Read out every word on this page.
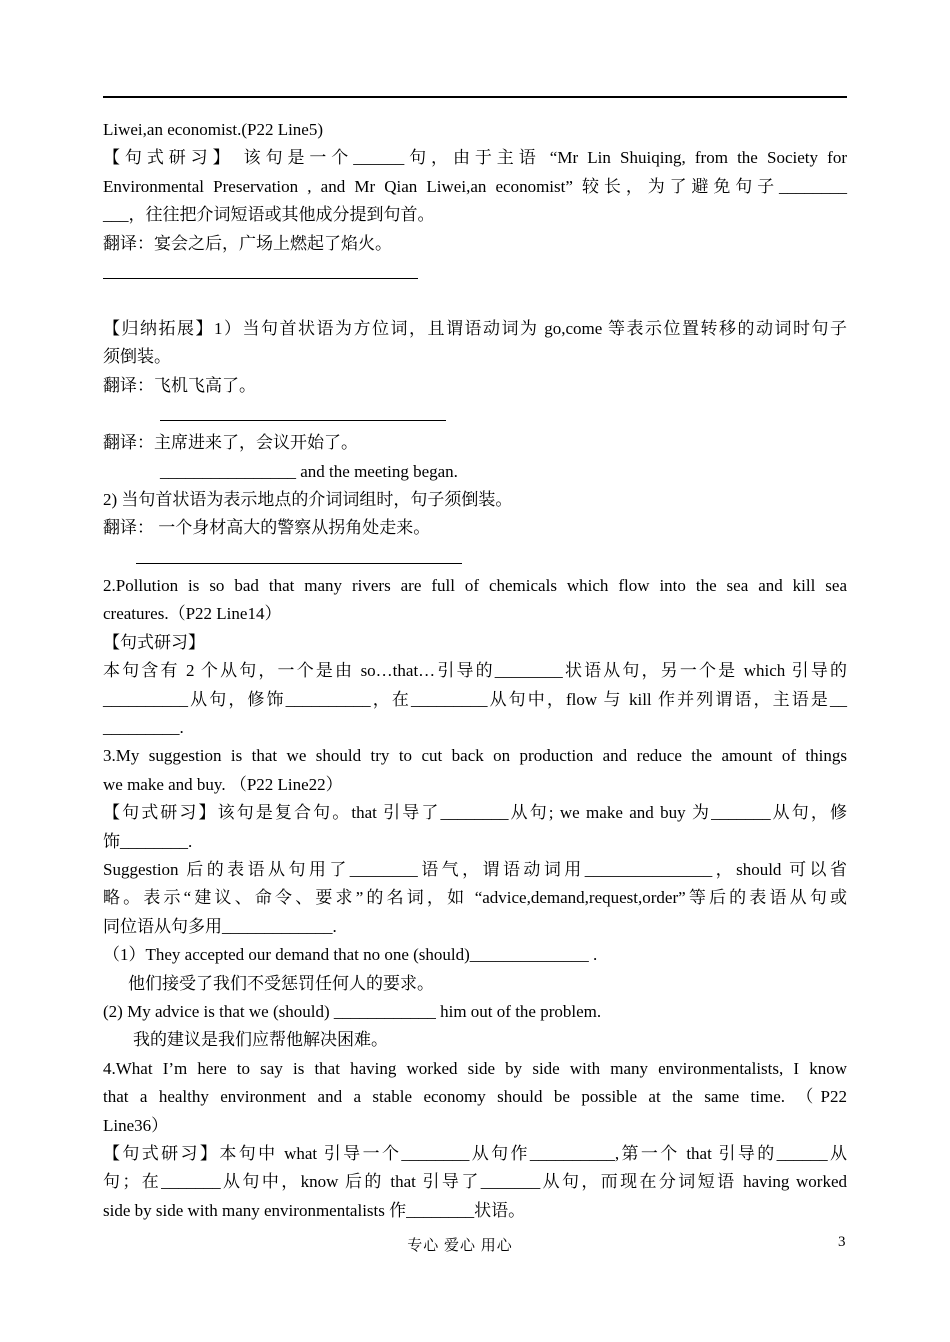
Liwei,an economist.(P22 Line5)

【句式研习】 该句是一个______句，由于主语 “Mr Lin Shuiqing, from the Society for

Environmental Preservation , and Mr Qian Liwei,an economist” 较长，为了避免句子________

___，往往把介词短语或其他成分提到句首。

翻译：宴会之后，广场上燃起了焰火。

【归纳拓展】1）当句首状语为方位词，且谓语动词为 go,come 等表示位置转移的动词时句子

须倒装。

翻译：飞机飞高了。

翻译：主席进来了，会议开始了。

________________ and the meeting began.

2) 当句首状语为表示地点的介词词组时，句子须倒装。

翻译： 一个身材高大的警察从拐角处走来。

2.Pollution is so bad that many rivers are full of chemicals which flow into the sea and kill sea

creatures.（P22 Line14）

【句式研习】

本句含有 2 个从句，一个是由 so…that…引导的________状语从句，另一个是 which 引导的

__________从句，修饰__________，在_________从句中，flow 与 kill 作并列谓语，主语是__

_________.

3.My suggestion is that we should try to cut back on production and reduce the amount of things

we make and buy. （P22 Line22）

【句式研习】该句是复合句。that 引导了________从句; we make and buy 为_______从句，修

饰________.

Suggestion 后的表语从句用了________语气，谓语动词用_______________，should 可以省

略。表示“建议、命令、要求”的名词，如 “advice,demand,request,order”等后的表语从句或

同位语从句多用_____________.

（1）They accepted our demand that no one (should)______________ .

他们接受了我们不受惩罚任何人的要求。

(2) My advice is that we (should) ____________ him out of the problem.

我的建议是我们应帮他解决困难。

4.What I’m here to say is that having worked side by side with many environmentalists, I know

that a healthy environment and a stable economy should be possible at the same time. （P22

Line36）

【句式研习】本句中 what 引导一个________从句作__________,第一个 that 引导的______从

句；在_______从句中，know 后的 that 引导了_______从句，而现在分词短语 having worked

side by side with many environmentalists 作________状语。

专心 爱心 用心	3
